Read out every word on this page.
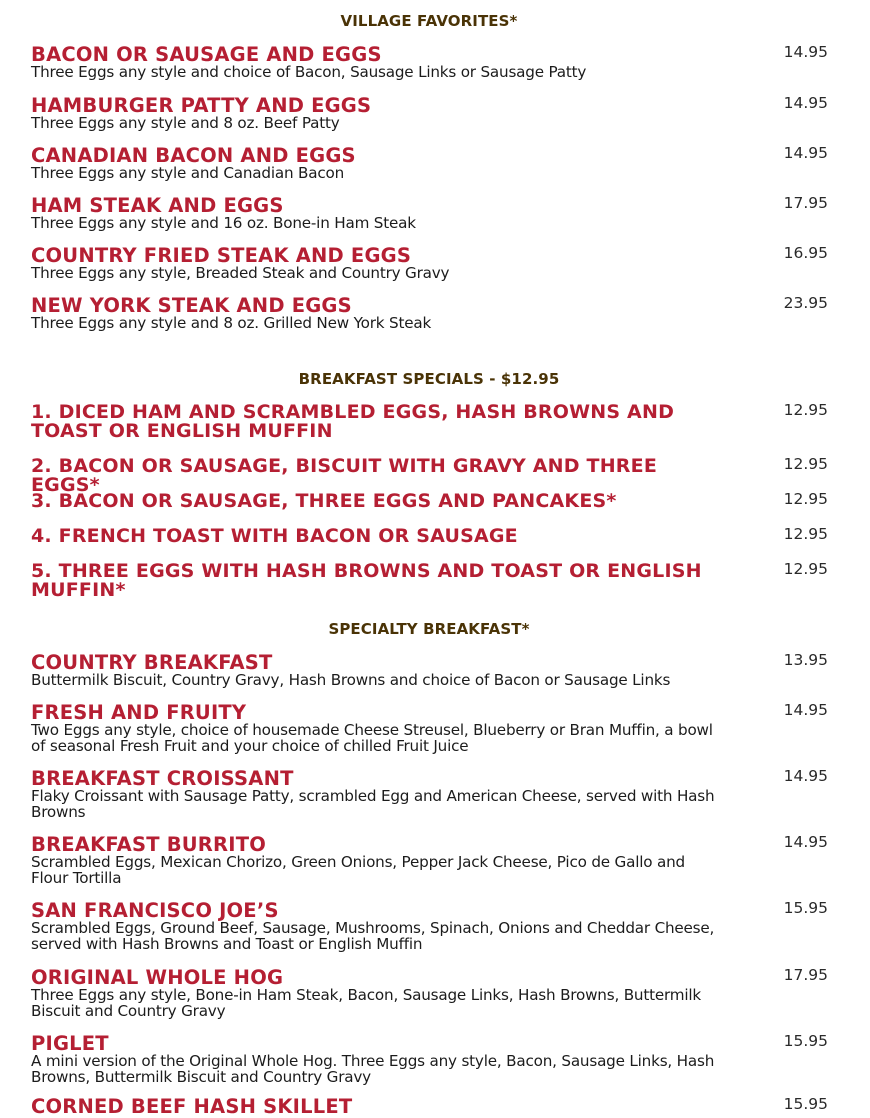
VILLAGE FAVORITES*
BACON OR SAUSAGE AND EGGS
Three Eggs any style and choice of Bacon, Sausage Links or Sausage Patty
14.95
HAMBURGER PATTY AND EGGS
Three Eggs any style and 8 oz. Beef Patty
14.95
CANADIAN BACON AND EGGS
Three Eggs any style and Canadian Bacon
14.95
HAM STEAK AND EGGS
Three Eggs any style and 16 oz. Bone-in Ham Steak
17.95
COUNTRY FRIED STEAK AND EGGS
Three Eggs any style, Breaded Steak and Country Gravy
16.95
NEW YORK STEAK AND EGGS
Three Eggs any style and 8 oz. Grilled New York Steak
23.95
BREAKFAST SPECIALS - $12.95
1. DICED HAM AND SCRAMBLED EGGS, HASH BROWNS AND TOAST OR ENGLISH MUFFIN
12.95
2. BACON OR SAUSAGE, BISCUIT WITH GRAVY AND THREE EGGS*
12.95
3. BACON OR SAUSAGE, THREE EGGS AND PANCAKES*	12.95
4. FRENCH TOAST WITH BACON OR SAUSAGE	12.95
5. THREE EGGS WITH HASH BROWNS AND TOAST OR ENGLISH MUFFIN*
12.95
SPECIALTY BREAKFAST*
COUNTRY BREAKFAST
Buttermilk Biscuit, Country Gravy, Hash Browns and choice of Bacon or Sausage Links
13.95
FRESH AND FRUITY
Two Eggs any style, choice of housemade Cheese Streusel, Blueberry or Bran Muffin, a bowl of seasonal Fresh Fruit and your choice of chilled Fruit Juice
14.95
BREAKFAST CROISSANT
Flaky Croissant with Sausage Patty, scrambled Egg and American Cheese, served with Hash Browns
14.95
BREAKFAST BURRITO
Scrambled Eggs, Mexican Chorizo, Green Onions, Pepper Jack Cheese, Pico de Gallo and Flour Tortilla
14.95
SAN FRANCISCO JOE’S
Scrambled Eggs, Ground Beef, Sausage, Mushrooms, Spinach, Onions and Cheddar Cheese, served with Hash Browns and Toast or English Muffin
15.95
ORIGINAL WHOLE HOG
Three Eggs any style, Bone-in Ham Steak, Bacon, Sausage Links, Hash Browns, Buttermilk Biscuit and Country Gravy
17.95
PIGLET
A mini version of the Original Whole Hog. Three Eggs any style, Bacon, Sausage Links, Hash Browns, Buttermilk Biscuit and Country Gravy
15.95
CORNED BEEF HASH SKILLET	15.95
